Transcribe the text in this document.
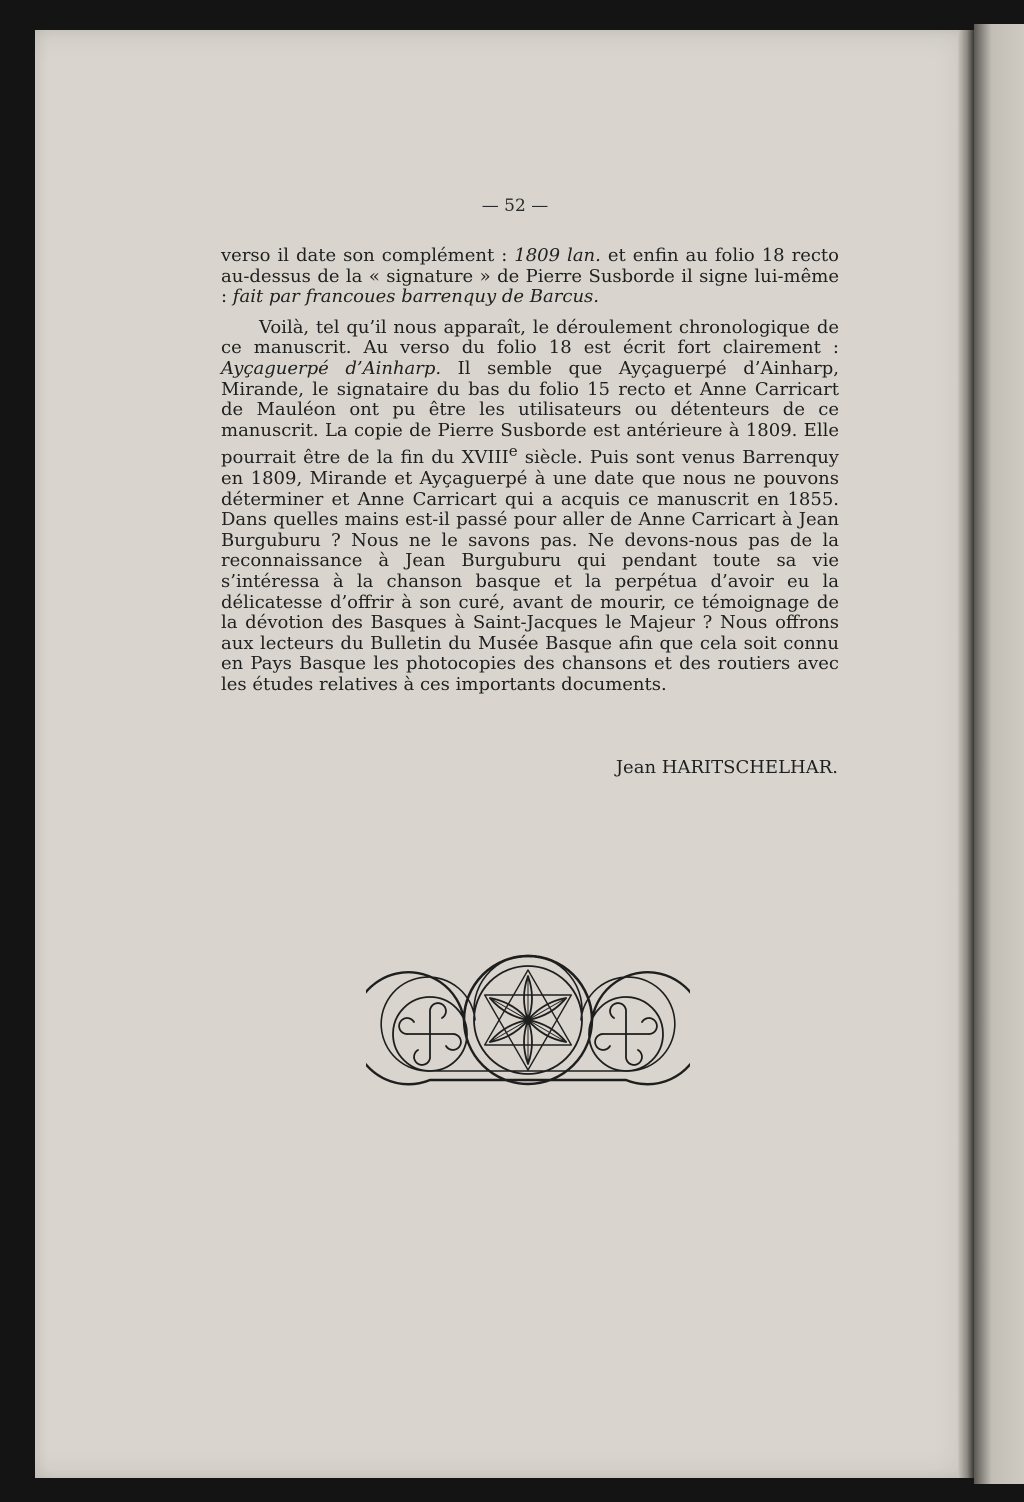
— 52 —

verso il date son complément : 1809 lan. et enfin au folio 18 recto au-dessus de la « signature » de Pierre Susborde il signe lui-même : fait par francoues barrenquy de Barcus.

Voilà, tel qu’il nous apparaît, le déroulement chronologique de ce manuscrit. Au verso du folio 18 est écrit fort clairement : Ayçaguerpé d’Ainharp. Il semble que Ayçaguerpé d’Ainharp, Mirande, le signataire du bas du folio 15 recto et Anne Carricart de Mauléon ont pu être les utilisateurs ou détenteurs de ce manuscrit. La copie de Pierre Susborde est antérieure à 1809. Elle pourrait être de la fin du XVIIIe siècle. Puis sont venus Barrenquy en 1809, Mirande et Ayçaguerpé à une date que nous ne pouvons déterminer et Anne Carricart qui a acquis ce manuscrit en 1855. Dans quelles mains est-il passé pour aller de Anne Carricart à Jean Burguburu ? Nous ne le savons pas. Ne devons-nous pas de la reconnaissance à Jean Burguburu qui pendant toute sa vie s’intéressa à la chanson basque et la perpétua d’avoir eu la délicatesse d’offrir à son curé, avant de mourir, ce témoignage de la dévotion des Basques à Saint-Jacques le Majeur ? Nous offrons aux lecteurs du Bulletin du Musée Basque afin que cela soit connu en Pays Basque les photocopies des chansons et des routiers avec les études relatives à ces importants documents.

Jean HARITSCHELHAR.
